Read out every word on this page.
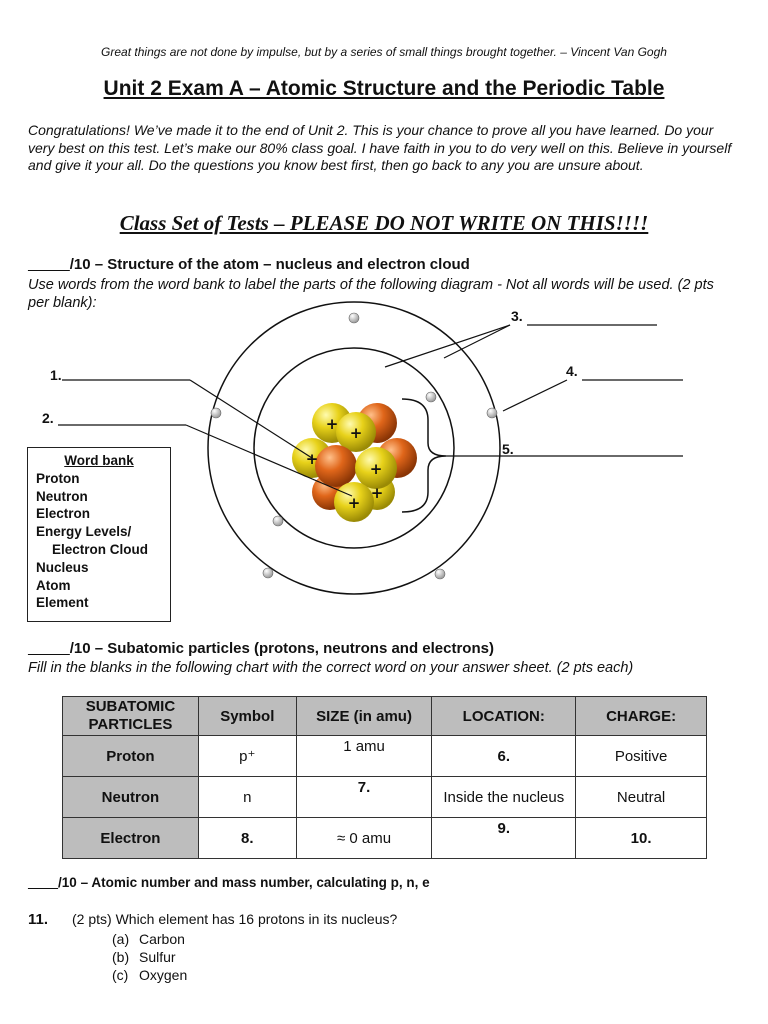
Great things are not done by impulse, but by a series of small things brought together. – Vincent Van Gogh
Unit 2 Exam A – Atomic Structure and the Periodic Table
Congratulations! We’ve made it to the end of Unit 2. This is your chance to prove all you have learned. Do your very best on this test. Let’s make our 80% class goal. I have faith in you to do very well on this. Believe in yourself and give it your all. Do the questions you know best first, then go back to any you are unsure about.
Class Set of Tests – PLEASE DO NOT WRITE ON THIS!!!!
_____/10 – Structure of the atom – nucleus and electron cloud
Use words from the word bank to label the parts of the following diagram - Not all words will be used. (2 pts per blank):
+ +
+
+
+
+
1.
2.
3.
4.
5.
Word bank
Proton
Neutron
Electron
Energy Levels/
Electron Cloud
Nucleus
Atom
Element
_____/10 – Subatomic particles (protons, neutrons and electrons)
Fill in the blanks in the following chart with the correct word on your answer sheet. (2 pts each)
SUBATOMIC PARTICLES	Symbol	SIZE (in amu)	LOCATION:	CHARGE:
Proton	p⁺	1 amu	6.	Positive
Neutron	n	7.	Inside the nucleus	Neutral
Electron	8.	≈ 0 amu	9.	10.
____/10 – Atomic number and mass number, calculating p, n, e
11. (2 pts) Which element has 16 protons in its nucleus?
(a) Carbon
(b) Sulfur
(c) Oxygen
